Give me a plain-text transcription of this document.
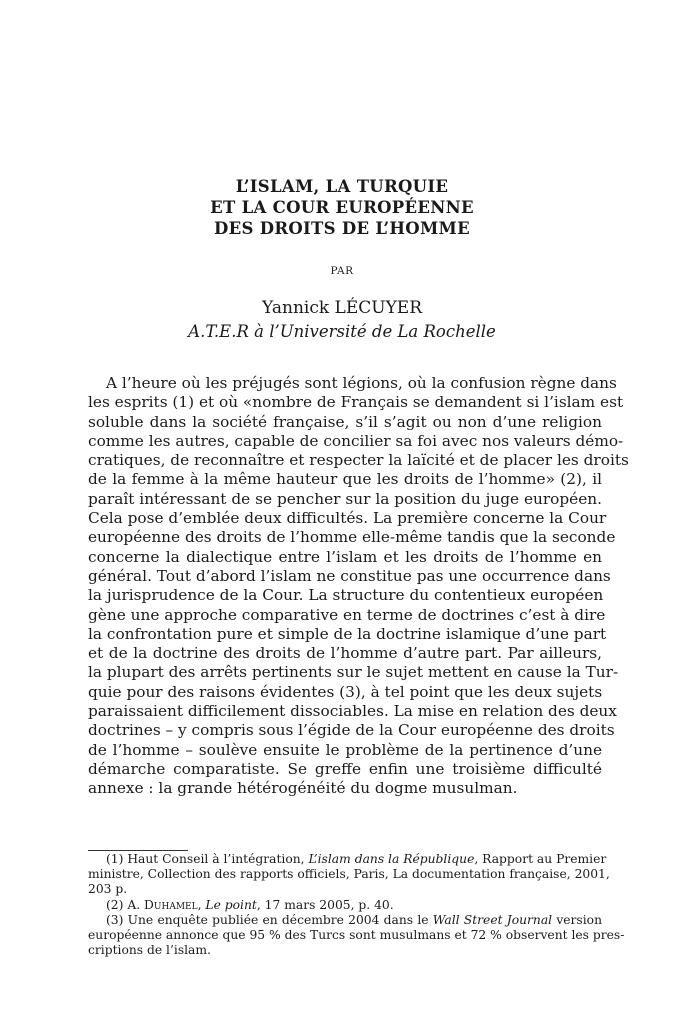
L’ISLAM, LA TURQUIE
ET LA COUR EUROPÉENNE
DES DROITS DE L’HOMME
PAR
Yannick LÉCUYER
A.T.E.R à l’Université de La Rochelle
A l’heure où les préjugés sont légions, où la confusion règne dans
les esprits (1) et où «nombre de Français se demandent si l’islam est
soluble dans la société française, s’il s’agit ou non d’une religion
comme les autres, capable de concilier sa foi avec nos valeurs démo-
cratiques, de reconnaître et respecter la laïcité et de placer les droits
de la femme à la même hauteur que les droits de l’homme» (2), il
paraît intéressant de se pencher sur la position du juge européen.
Cela pose d’emblée deux difficultés. La première concerne la Cour
européenne des droits de l’homme elle-même tandis que la seconde
concerne la dialectique entre l’islam et les droits de l’homme en
général. Tout d’abord l’islam ne constitue pas une occurrence dans
la jurisprudence de la Cour. La structure du contentieux européen
gène une approche comparative en terme de doctrines c’est à dire
la confrontation pure et simple de la doctrine islamique d’une part
et de la doctrine des droits de l’homme d’autre part. Par ailleurs,
la plupart des arrêts pertinents sur le sujet mettent en cause la Tur-
quie pour des raisons évidentes (3), à tel point que les deux sujets
paraissaient difficilement dissociables. La mise en relation des deux
doctrines – y compris sous l’égide de la Cour européenne des droits
de l’homme – soulève ensuite le problème de la pertinence d’une
démarche comparatiste. Se greffe enfin une troisième difficulté
annexe : la grande hétérogénéité du dogme musulman.
(1) Haut Conseil à l’intégration, L’islam dans la République, Rapport au Premier
ministre, Collection des rapports officiels, Paris, La documentation française, 2001,
203 p.
(2) A. Duhamel, Le point, 17 mars 2005, p. 40.
(3) Une enquête publiée en décembre 2004 dans le Wall Street Journal version
européenne annonce que 95 % des Turcs sont musulmans et 72 % observent les pres-
criptions de l’islam.
